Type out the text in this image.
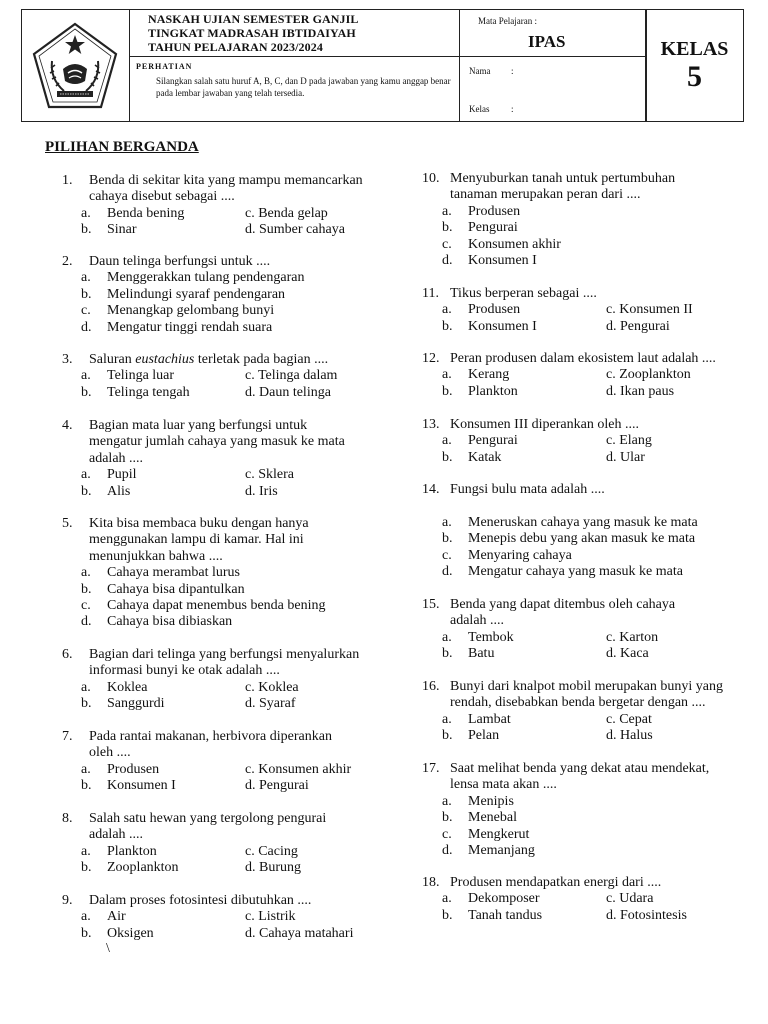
NASKAH UJIAN SEMESTER GANJIL
TINGKAT MADRASAH IBTIDAIYAH
TAHUN PELAJARAN 2023/2024
PERHATIAN
Silangkan salah satu huruf A, B, C, dan D pada jawaban yang kamu anggap benar pada lembar jawaban yang telah tersedia.
Mata Pelajaran :
IPAS
Nama :
Kelas :
KELAS
5
PILIHAN BERGANDA
1. Benda di sekitar kita yang mampu memancarkan
cahaya disebut sebagai ....
a. Benda bening	c. Benda gelap
b. Sinar	d. Sumber cahaya
2. Daun telinga berfungsi untuk ....
a. Menggerakkan tulang pendengaran
b. Melindungi syaraf pendengaran
c. Menangkap gelombang bunyi
d. Mengatur tinggi rendah suara
3. Saluran eustachius terletak pada bagian ....
a. Telinga luar	c. Telinga dalam
b. Telinga tengah	d. Daun telinga
4. Bagian mata luar yang berfungsi untuk
mengatur jumlah cahaya yang masuk ke mata
adalah ....
a. Pupil	c. Sklera
b. Alis	d. Iris
5. Kita bisa membaca buku dengan hanya
menggunakan lampu di kamar. Hal ini
menunjukkan bahwa ....
a. Cahaya merambat lurus
b. Cahaya bisa dipantulkan
c. Cahaya dapat menembus benda bening
d. Cahaya bisa dibiaskan
6. Bagian dari telinga yang berfungsi menyalurkan
informasi bunyi ke otak adalah ....
a. Koklea	c. Koklea
b. Sanggurdi	d. Syaraf
7. Pada rantai makanan, herbivora diperankan
oleh ....
a. Produsen	c. Konsumen akhir
b. Konsumen I	d. Pengurai
8. Salah satu hewan yang tergolong pengurai
adalah ....
a. Plankton	c. Cacing
b. Zooplankton	d. Burung
9. Dalam proses fotosintesi dibutuhkan ....
a. Air	c. Listrik
b. Oksigen	d. Cahaya matahari
10. Menyuburkan tanah untuk pertumbuhan
tanaman merupakan peran dari ....
a. Produsen
b. Pengurai
c. Konsumen akhir
d. Konsumen I
11. Tikus berperan sebagai ....
a. Produsen	c. Konsumen II
b. Konsumen I	d. Pengurai
12. Peran produsen dalam ekosistem laut adalah ....
a. Kerang	c. Zooplankton
b. Plankton	d. Ikan paus
13. Konsumen III diperankan oleh ....
a. Pengurai	c. Elang
b. Katak	d. Ular
14. Fungsi bulu mata adalah ....
a. Meneruskan cahaya yang masuk ke mata
b. Menepis debu yang akan masuk ke mata
c. Menyaring cahaya
d. Mengatur cahaya yang masuk ke mata
15. Benda yang dapat ditembus oleh cahaya
adalah ....
a. Tembok	c. Karton
b. Batu	d. Kaca
16. Bunyi dari knalpot mobil merupakan bunyi yang
rendah, disebabkan benda bergetar dengan ....
a. Lambat	c. Cepat
b. Pelan	d. Halus
17. Saat melihat benda yang dekat atau mendekat,
lensa mata akan ....
a. Menipis
b. Menebal
c. Mengkerut
d. Memanjang
18. Produsen mendapatkan energi dari ....
a. Dekomposer	c. Udara
b. Tanah tandus	d. Fotosintesis
\
